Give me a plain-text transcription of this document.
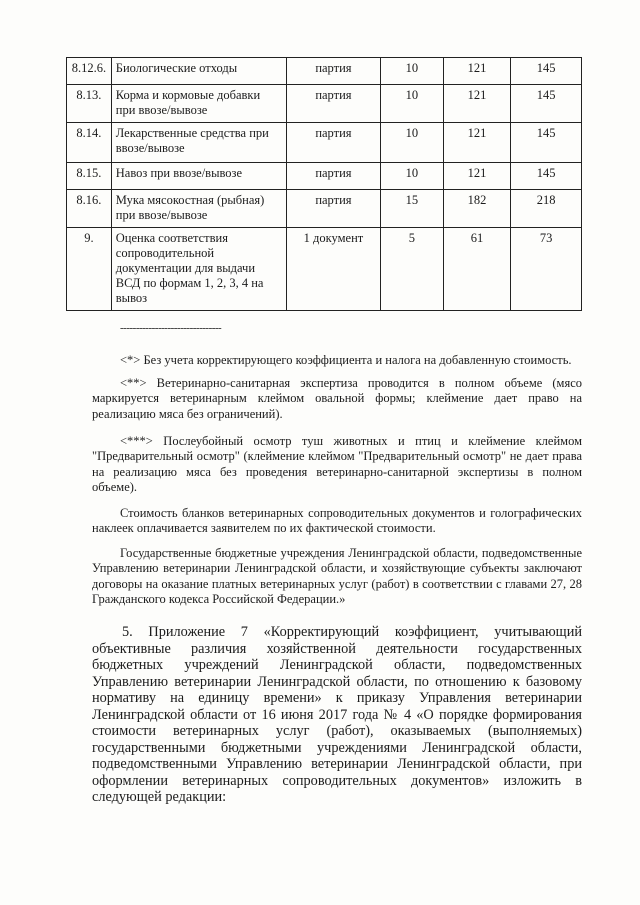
8.12.6.	Биологические отходы	партия	10	121	145
8.13.	Корма и кормовые добавки при ввозе/вывозе	партия	10	121	145
8.14.	Лекарственные средства при ввозе/вывозе	партия	10	121	145
8.15.	Навоз при ввозе/вывозе	партия	10	121	145
8.16.	Мука мясокостная (рыбная) при ввозе/вывозе	партия	15	182	218
9.	Оценка соответствия сопроводительной документации для выдачи ВСД по формам 1, 2, 3, 4 на вывоз	1 документ	5	61	73
--------------------------------

<*> Без учета корректирующего коэффициента и налога на добавленную стоимость.

<**> Ветеринарно-санитарная экспертиза проводится в полном объеме (мясо маркируется ветеринарным клеймом овальной формы; клеймение дает право на реализацию мяса без ограничений).

<***> Послеубойный осмотр туш животных и птиц и клеймение клеймом "Предварительный осмотр" (клеймение клеймом "Предварительный осмотр" не дает права на реализацию мяса без проведения ветеринарно-санитарной экспертизы в полном объеме).

Стоимость бланков ветеринарных сопроводительных документов и голографических наклеек оплачивается заявителем по их фактической стоимости.

Государственные бюджетные учреждения Ленинградской области, подведомственные Управлению ветеринарии Ленинградской области, и хозяйствующие субъекты заключают договоры на оказание платных ветеринарных услуг (работ) в соответствии с главами 27, 28 Гражданского кодекса Российской Федерации.»

5. Приложение 7 «Корректирующий коэффициент, учитывающий объективные различия хозяйственной деятельности государственных бюджетных учреждений Ленинградской области, подведомственных Управлению ветеринарии Ленинградской области, по отношению к базовому нормативу на единицу времени» к приказу Управления ветеринарии Ленинградской области от 16 июня 2017 года № 4 «О порядке формирования стоимости ветеринарных услуг (работ), оказываемых (выполняемых) государственными бюджетными учреждениями Ленинградской области, подведомственными Управлению ветеринарии Ленинградской области, при оформлении ветеринарных сопроводительных документов» изложить в следующей редакции:
